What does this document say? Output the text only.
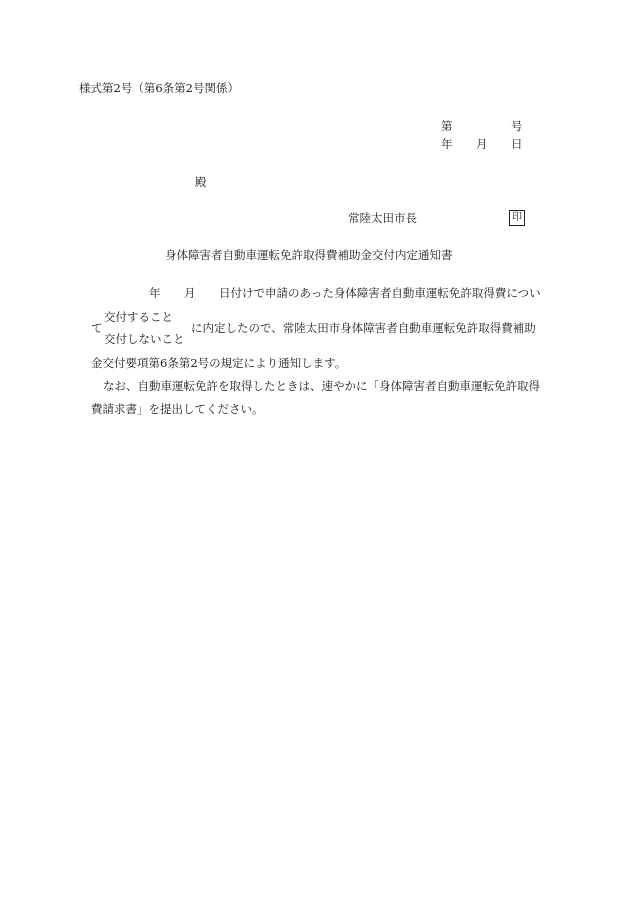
様式第2号（第6条第2号関係）
第	号
年 月 日
殿
常陸太田市長	印
身体障害者自動車運転免許取得費補助金交付内定通知書
年 月 日付けで申請のあった身体障害者自動車運転免許取得費につい
て
交付すること
交付しないこと
に内定したので、常陸太田市身体障害者自動車運転免許取得費補助
金交付要項第6条第2号の規定により通知します。
なお、自動車運転免許を取得したときは、速やかに「身体障害者自動車運転免許取得
費請求書」を提出してください。
